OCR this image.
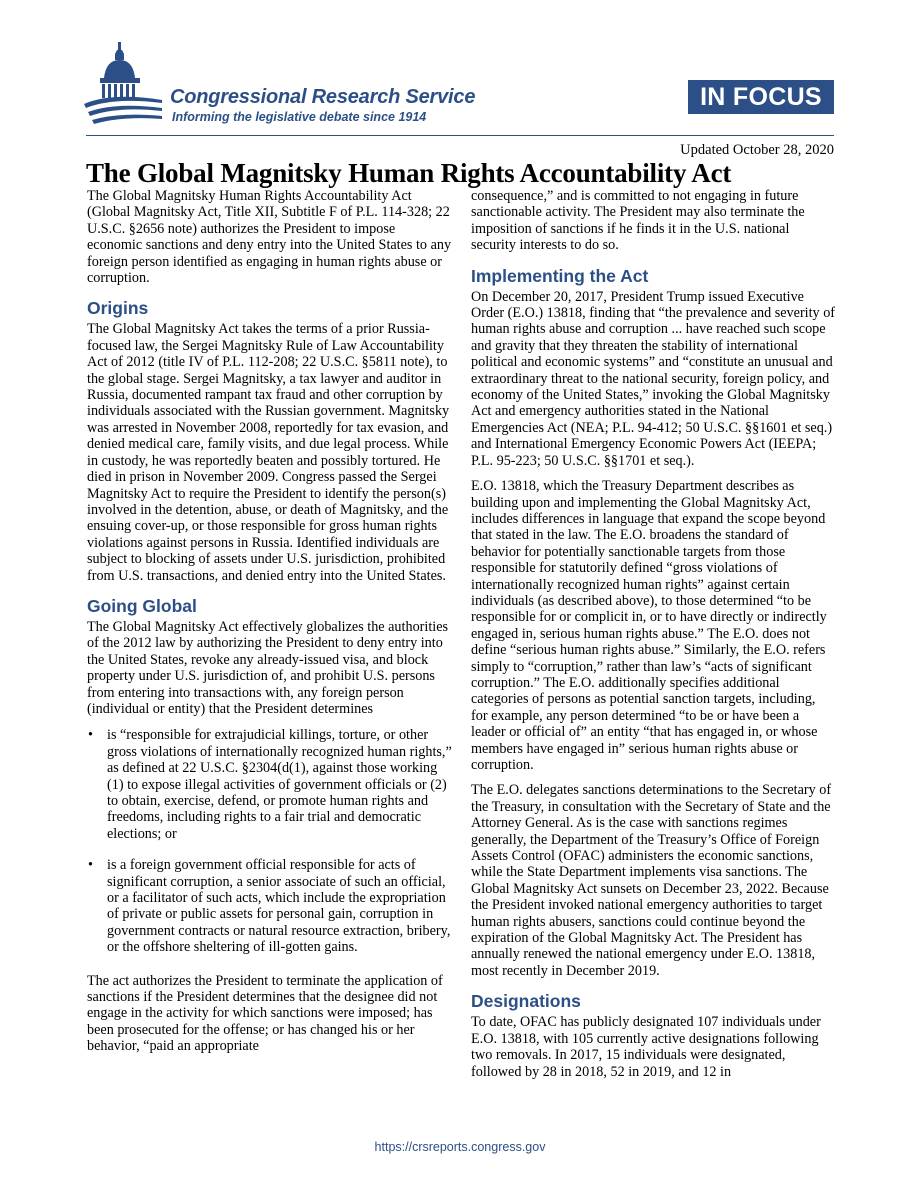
Congressional Research Service
Informing the legislative debate since 1914
IN FOCUS
Updated October 28, 2020
The Global Magnitsky Human Rights Accountability Act

The Global Magnitsky Human Rights Accountability Act (Global Magnitsky Act, Title XII, Subtitle F of P.L. 114-328; 22 U.S.C. §2656 note) authorizes the President to impose economic sanctions and deny entry into the United States to any foreign person identified as engaging in human rights abuse or corruption.

Origins

The Global Magnitsky Act takes the terms of a prior Russia-focused law, the Sergei Magnitsky Rule of Law Accountability Act of 2012 (title IV of P.L. 112-208; 22 U.S.C. §5811 note), to the global stage. Sergei Magnitsky, a tax lawyer and auditor in Russia, documented rampant tax fraud and other corruption by individuals associated with the Russian government. Magnitsky was arrested in November 2008, reportedly for tax evasion, and denied medical care, family visits, and due legal process. While in custody, he was reportedly beaten and possibly tortured. He died in prison in November 2009. Congress passed the Sergei Magnitsky Act to require the President to identify the person(s) involved in the detention, abuse, or death of Magnitsky, and the ensuing cover-up, or those responsible for gross human rights violations against persons in Russia. Identified individuals are subject to blocking of assets under U.S. jurisdiction, prohibited from U.S. transactions, and denied entry into the United States.

Going Global

The Global Magnitsky Act effectively globalizes the authorities of the 2012 law by authorizing the President to deny entry into the United States, revoke any already-issued visa, and block property under U.S. jurisdiction of, and prohibit U.S. persons from entering into transactions with, any foreign person (individual or entity) that the President determines

• is “responsible for extrajudicial killings, torture, or other gross violations of internationally recognized human rights,” as defined at 22 U.S.C. §2304(d(1), against those working (1) to expose illegal activities of government officials or (2) to obtain, exercise, defend, or promote human rights and freedoms, including rights to a fair trial and democratic elections; or
• is a foreign government official responsible for acts of significant corruption, a senior associate of such an official, or a facilitator of such acts, which include the expropriation of private or public assets for personal gain, corruption in government contracts or natural resource extraction, bribery, or the offshore sheltering of ill-gotten gains.

The act authorizes the President to terminate the application of sanctions if the President determines that the designee did not engage in the activity for which sanctions were imposed; has been prosecuted for the offense; or has changed his or her behavior, “paid an appropriate

consequence,” and is committed to not engaging in future sanctionable activity. The President may also terminate the imposition of sanctions if he finds it in the U.S. national security interests to do so.

Implementing the Act

On December 20, 2017, President Trump issued Executive Order (E.O.) 13818, finding that “the prevalence and severity of human rights abuse and corruption ... have reached such scope and gravity that they threaten the stability of international political and economic systems” and “constitute an unusual and extraordinary threat to the national security, foreign policy, and economy of the United States,” invoking the Global Magnitsky Act and emergency authorities stated in the National Emergencies Act (NEA; P.L. 94-412; 50 U.S.C. §§1601 et seq.) and International Emergency Economic Powers Act (IEEPA; P.L. 95-223; 50 U.S.C. §§1701 et seq.).

E.O. 13818, which the Treasury Department describes as building upon and implementing the Global Magnitsky Act, includes differences in language that expand the scope beyond that stated in the law. The E.O. broadens the standard of behavior for potentially sanctionable targets from those responsible for statutorily defined “gross violations of internationally recognized human rights” against certain individuals (as described above), to those determined “to be responsible for or complicit in, or to have directly or indirectly engaged in, serious human rights abuse.” The E.O. does not define “serious human rights abuse.” Similarly, the E.O. refers simply to “corruption,” rather than law’s “acts of significant corruption.” The E.O. additionally specifies additional categories of persons as potential sanction targets, including, for example, any person determined “to be or have been a leader or official of” an entity “that has engaged in, or whose members have engaged in” serious human rights abuse or corruption.

The E.O. delegates sanctions determinations to the Secretary of the Treasury, in consultation with the Secretary of State and the Attorney General. As is the case with sanctions regimes generally, the Department of the Treasury’s Office of Foreign Assets Control (OFAC) administers the economic sanctions, while the State Department implements visa sanctions. The Global Magnitsky Act sunsets on December 23, 2022. Because the President invoked national emergency authorities to target human rights abusers, sanctions could continue beyond the expiration of the Global Magnitsky Act. The President has annually renewed the national emergency under E.O. 13818, most recently in December 2019.

Designations

To date, OFAC has publicly designated 107 individuals under E.O. 13818, with 105 currently active designations following two removals. In 2017, 15 individuals were designated, followed by 28 in 2018, 52 in 2019, and 12 in

https://crsreports.congress.gov
